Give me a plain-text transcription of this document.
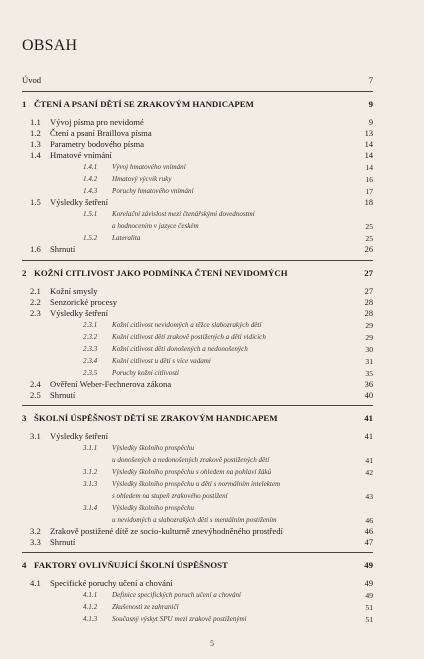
OBSAH
Úvod	7
1 ČTENÍ A PSANÍ DĚTÍ SE ZRAKOVÝM HANDICAPEM	9
1.1 Vývoj písma pro nevidomé	9
1.2 Čtení a psaní Braillova písma	13
1.3 Parametry bodového písma	14
1.4 Hmatové vnímání	14
1.4.1 Vývoj hmatového vnímání	14
1.4.2 Hmatový výcvik ruky	16
1.4.3 Poruchy hmatového vnímání	17
1.5 Výsledky šetření	18
1.5.1 Korelační závislost mezi čtenářskými dovednostmi
a hodnocením v jazyce českém	25
1.5.2 Lateralita	25
1.6 Shrnutí	26
2 KOŽNÍ CITLIVOST JAKO PODMÍNKA ČTENÍ NEVIDOMÝCH	27
2.1 Kožní smysly	27
2.2 Senzorické procesy	28
2.3 Výsledky šetření	28
2.3.1 Kožní citlivost nevidomých a těžce slabozrakých dětí	29
2.3.2 Kožní citlivost dětí zrakově postižených a dětí vidících	29
2.3.3 Kožní citlivost dětí donošených a nedonošených	30
2.3.4 Kožní citlivost u dětí s více vadami	31
2.3.5 Poruchy kožní citlivosti	35
2.4 Ověření Weber-Fechnerova zákona	36
2.5 Shrnutí	40
3 ŠKOLNÍ ÚSPĚŠNOST DĚTÍ SE ZRAKOVÝM HANDICAPEM	41
3.1 Výsledky šetření	41
3.1.1 Výsledky školního prospěchu
u donošených a nedonošených zrakově postižených dětí	41
3.1.2 Výsledky školního prospěchu s ohledem na pohlaví žáků	42
3.1.3 Výsledky školního prospěchu u dětí s normálním intelektem
s ohledem na stupeň zrakového postižení	43
3.1.4 Výsledky školního prospěchu
u nevidomých a slabozrakých dětí s mentálním postižením	46
3.2 Zrakově postižené dítě ze socio-kulturně znevýhodněného prostředí	46
3.3 Shrnutí	47
4 FAKTORY OVLIVŇUJÍCÍ ŠKOLNÍ ÚSPĚŠNOST	49
4.1 Specifické poruchy učení a chování	49
4.1.1 Definice specifických poruch učení a chování	49
4.1.2 Zkušenosti ze zahraničí	51
4.1.3 Současný výskyt SPU mezi zrakově postiženými	51
5
